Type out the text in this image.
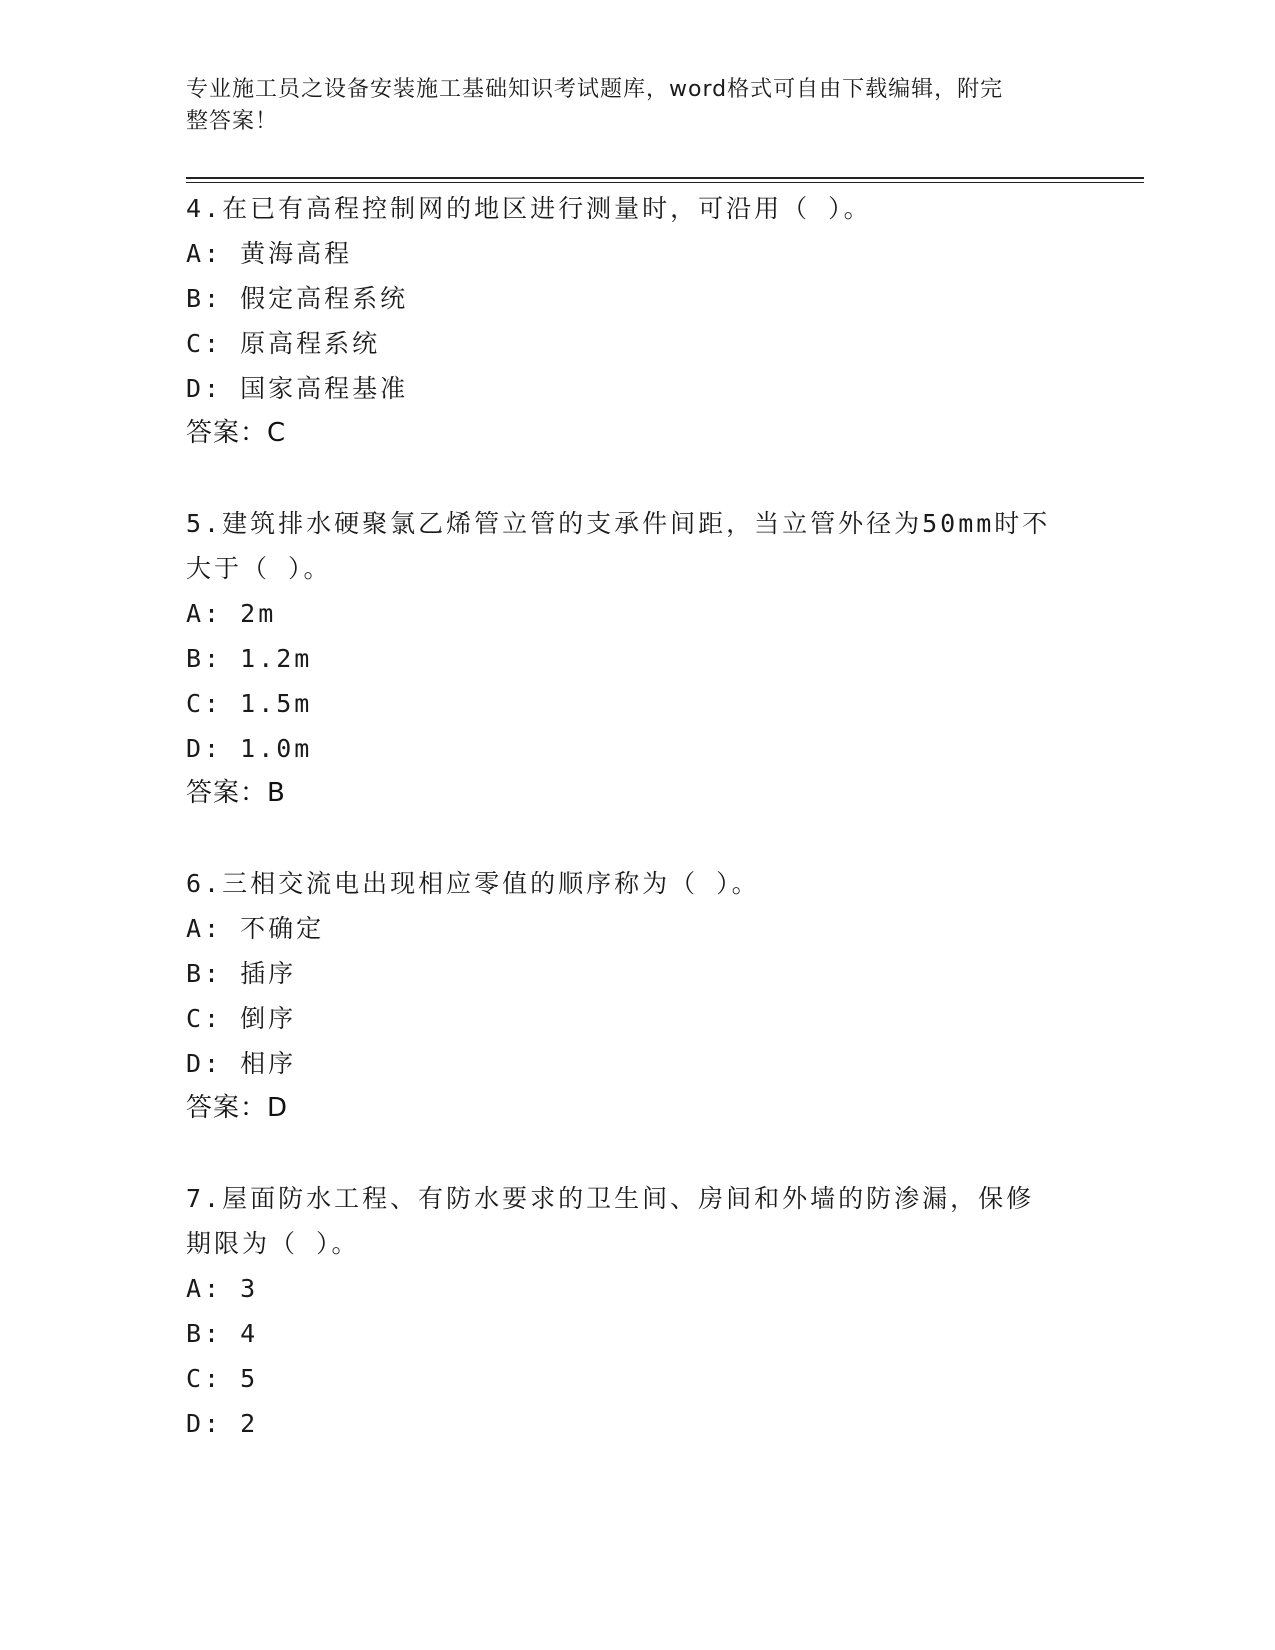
专业施工员之设备安装施工基础知识考试题库，word格式可自由下载编辑，附完
整答案！
4.在已有高程控制网的地区进行测量时，可沿用（ ）。
A: 黄海高程
B: 假定高程系统
C: 原高程系统
D: 国家高程基准
答案：C
5.建筑排水硬聚氯乙烯管立管的支承件间距，当立管外径为50mm时不
大于（ ）。
A: 2m
B: 1.2m
C: 1.5m
D: 1.0m
答案：B
6.三相交流电出现相应零值的顺序称为（ ）。
A: 不确定
B: 插序
C: 倒序
D: 相序
答案：D
7.屋面防水工程、有防水要求的卫生间、房间和外墙的防渗漏，保修
期限为（ ）。
A: 3
B: 4
C: 5
D: 2
